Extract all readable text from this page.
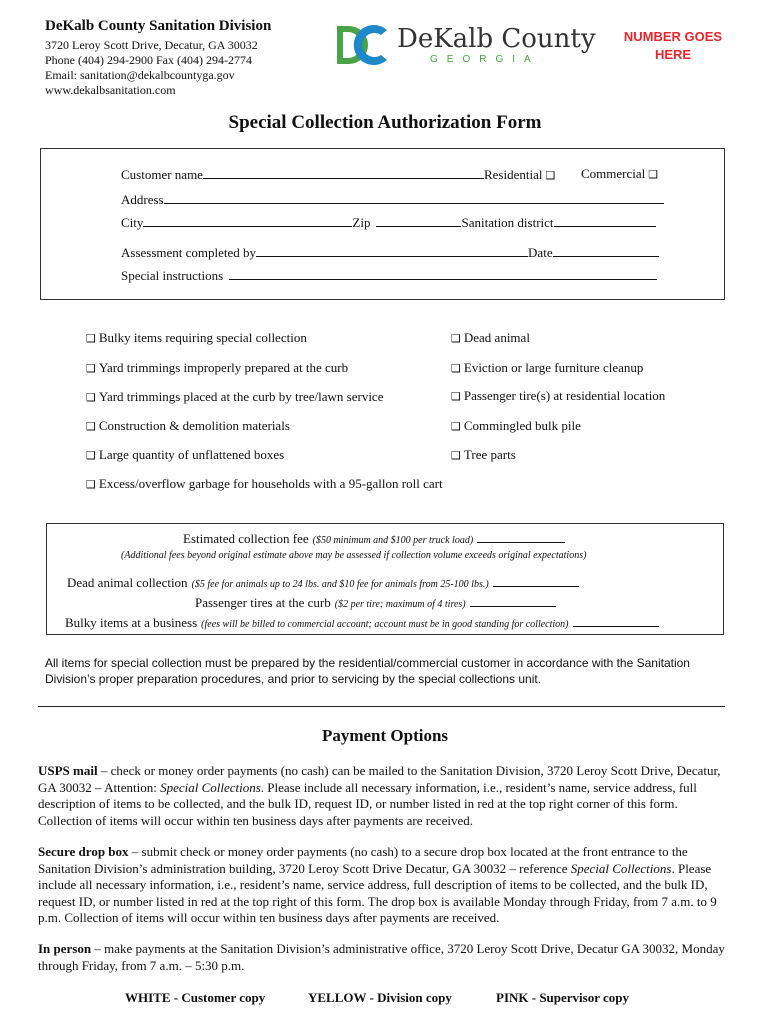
DeKalb County Sanitation Division
3720 Leroy Scott Drive, Decatur, GA 30032
Phone (404) 294-2900 Fax (404) 294-2774
Email: sanitation@dekalbcountyga.gov
www.dekalbsanitation.com
DeKalb County
GEORGIA
NUMBER GOES
HERE
Special Collection Authorization Form
Customer name	Residential ❑ Commercial ❑
Address
City	Zip	Sanitation district
Assessment completed by	Date
Special instructions
❑ Bulky items requiring special collection
❑ Yard trimmings improperly prepared at the curb
❑ Yard trimmings placed at the curb by tree/lawn service
❑ Construction & demolition materials
❑ Large quantity of unflattened boxes
❑ Excess/overflow garbage for households with a 95-gallon roll cart
❑ Dead animal
❑ Eviction or large furniture cleanup
❑ Passenger tire(s) at residential location
❑ Commingled bulk pile
❑ Tree parts
Estimated collection fee ($50 minimum and $100 per truck load)
(Additional fees beyond original estimate above may be assessed if collection volume exceeds original expectations)
Dead animal collection ($5 fee for animals up to 24 lbs. and $10 fee for animals from 25-100 lbs.)
Passenger tires at the curb ($2 per tire; maximum of 4 tires)
Bulky items at a business (fees will be billed to commercial account; account must be in good standing for collection)
All items for special collection must be prepared by the residential/commercial customer in accordance with the Sanitation Division’s proper preparation procedures, and prior to servicing by the special collections unit.
Payment Options

USPS mail – check or money order payments (no cash) can be mailed to the Sanitation Division, 3720 Leroy Scott Drive, Decatur, GA 30032 – Attention: Special Collections. Please include all necessary information, i.e., resident’s name, service address, full description of items to be collected, and the bulk ID, request ID, or number listed in red at the top right corner of this form. Collection of items will occur within ten business days after payments are received.

Secure drop box – submit check or money order payments (no cash) to a secure drop box located at the front entrance to the Sanitation Division’s administration building, 3720 Leroy Scott Drive Decatur, GA 30032 – reference Special Collections. Please include all necessary information, i.e., resident’s name, service address, full description of items to be collected, and the bulk ID, request ID, or number listed in red at the top right of this form. The drop box is available Monday through Friday, from 7 a.m. to 9 p.m. Collection of items will occur within ten business days after payments are received.

In person – make payments at the Sanitation Division’s administrative office, 3720 Leroy Scott Drive, Decatur GA 30032, Monday through Friday, from 7 a.m. – 5:30 p.m.

WHITE - Customer copy	YELLOW - Division copy	PINK - Supervisor copy
